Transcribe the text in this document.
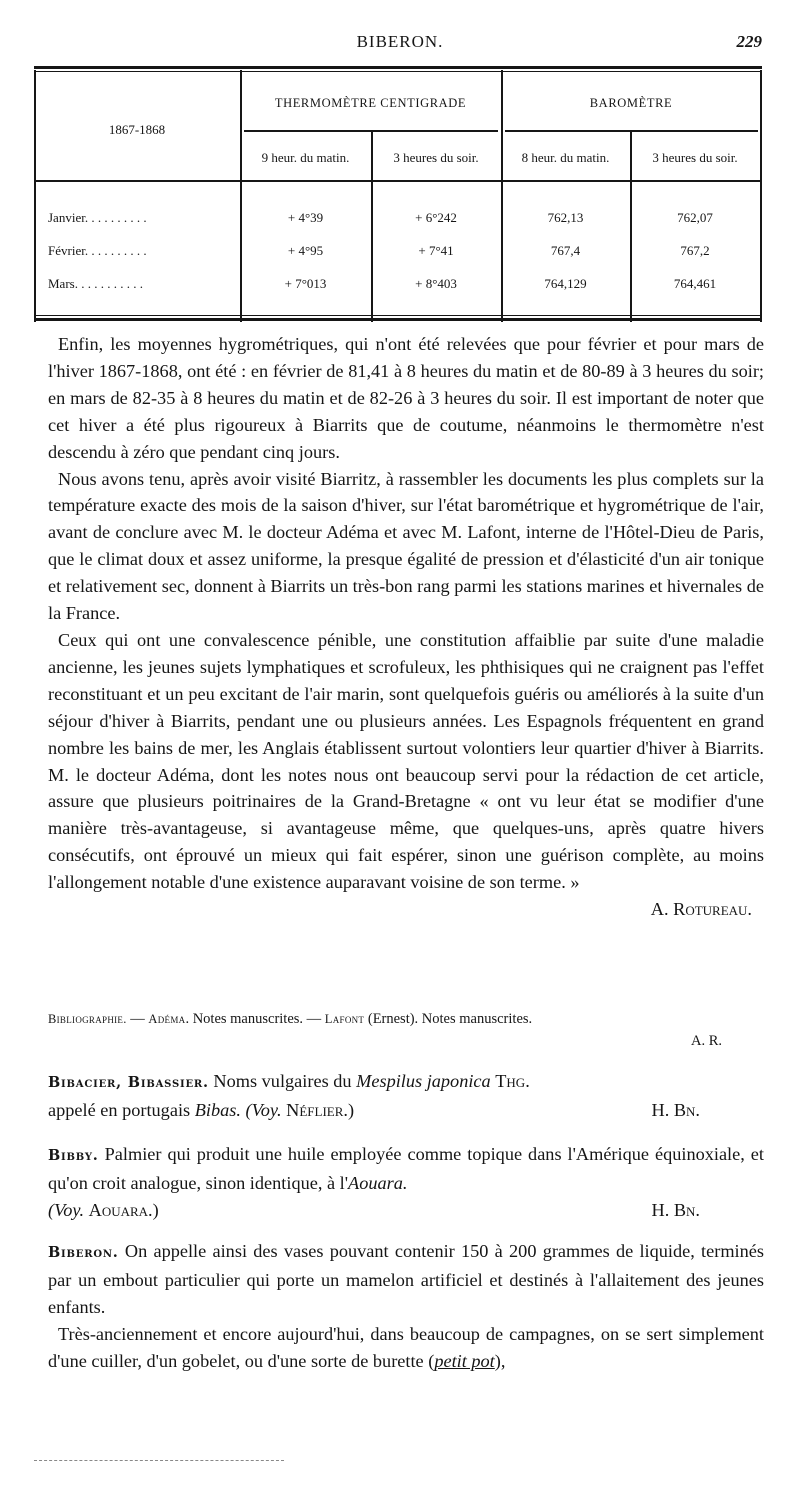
BIBERON.	229
1867-1868
THERMOMÈTRE CENTIGRADE	BAROMÈTRE
9 heur. du matin.	3 heures du soir.	8 heur. du matin.	3 heures du soir.
Janvier. . . . . . . . . .	+ 4°39	+ 6°242	762,13	762,07
Février. . . . . . . . . .	+ 4°95	+ 7°41	767,4	767,2
Mars. . . . . . . . . . .	+ 7°013	+ 8°403	764,129	764,461

Enfin, les moyennes hygrométriques, qui n'ont été relevées que pour février et pour mars de l'hiver 1867-1868, ont été : en février de 81,41 à 8 heures du matin et de 80-89 à 3 heures du soir; en mars de 82-35 à 8 heures du matin et de 82-26 à 3 heures du soir. Il est important de noter que cet hiver a été plus rigoureux à Biarrits que de coutume, néanmoins le thermomètre n'est descendu à zéro que pendant cinq jours.

Nous avons tenu, après avoir visité Biarritz, à rassembler les documents les plus complets sur la température exacte des mois de la saison d'hiver, sur l'état barométrique et hygrométrique de l'air, avant de conclure avec M. le docteur Adéma et avec M. Lafont, interne de l'Hôtel-Dieu de Paris, que le climat doux et assez uniforme, la presque égalité de pression et d'élasticité d'un air tonique et relativement sec, donnent à Biarrits un très-bon rang parmi les stations marines et hivernales de la France.

Ceux qui ont une convalescence pénible, une constitution affaiblie par suite d'une maladie ancienne, les jeunes sujets lymphatiques et scrofuleux, les phthisiques qui ne craignent pas l'effet reconstituant et un peu excitant de l'air marin, sont quelquefois guéris ou améliorés à la suite d'un séjour d'hiver à Biarrits, pendant une ou plusieurs années. Les Espagnols fréquentent en grand nombre les bains de mer, les Anglais établissent surtout volontiers leur quartier d'hiver à Biarrits. M. le docteur Adéma, dont les notes nous ont beaucoup servi pour la rédaction de cet article, assure que plusieurs poitrinaires de la Grand-Bretagne « ont vu leur état se modifier d'une manière très-avantageuse, si avantageuse même, que quelques-uns, après quatre hivers consécutifs, ont éprouvé un mieux qui fait espérer, sinon une guérison complète, au moins l'allongement notable d'une existence auparavant voisine de son terme. »

A. Rotureau.
Bibliographie. — Adéma. Notes manuscrites. — Lafont (Ernest). Notes manuscrites.
A. R.
Bibacier, Bibassier. Noms vulgaires du Mespilus japonica Thg.
appelé en portugais Bibas. (Voy. Néflier.)	H. Bn.
Bibby. Palmier qui produit une huile employée comme topique dans l'Amérique équinoxiale, et qu'on croit analogue, sinon identique, à l'Aouara.
(Voy. Aouara.)	H. Bn.

Biberon. On appelle ainsi des vases pouvant contenir 150 à 200 grammes de liquide, terminés par un embout particulier qui porte un mamelon artificiel et destinés à l'allaitement des jeunes enfants.

Très-anciennement et encore aujourd'hui, dans beaucoup de campagnes, on se sert simplement d'une cuiller, d'un gobelet, ou d'une sorte de burette (petit pot),
